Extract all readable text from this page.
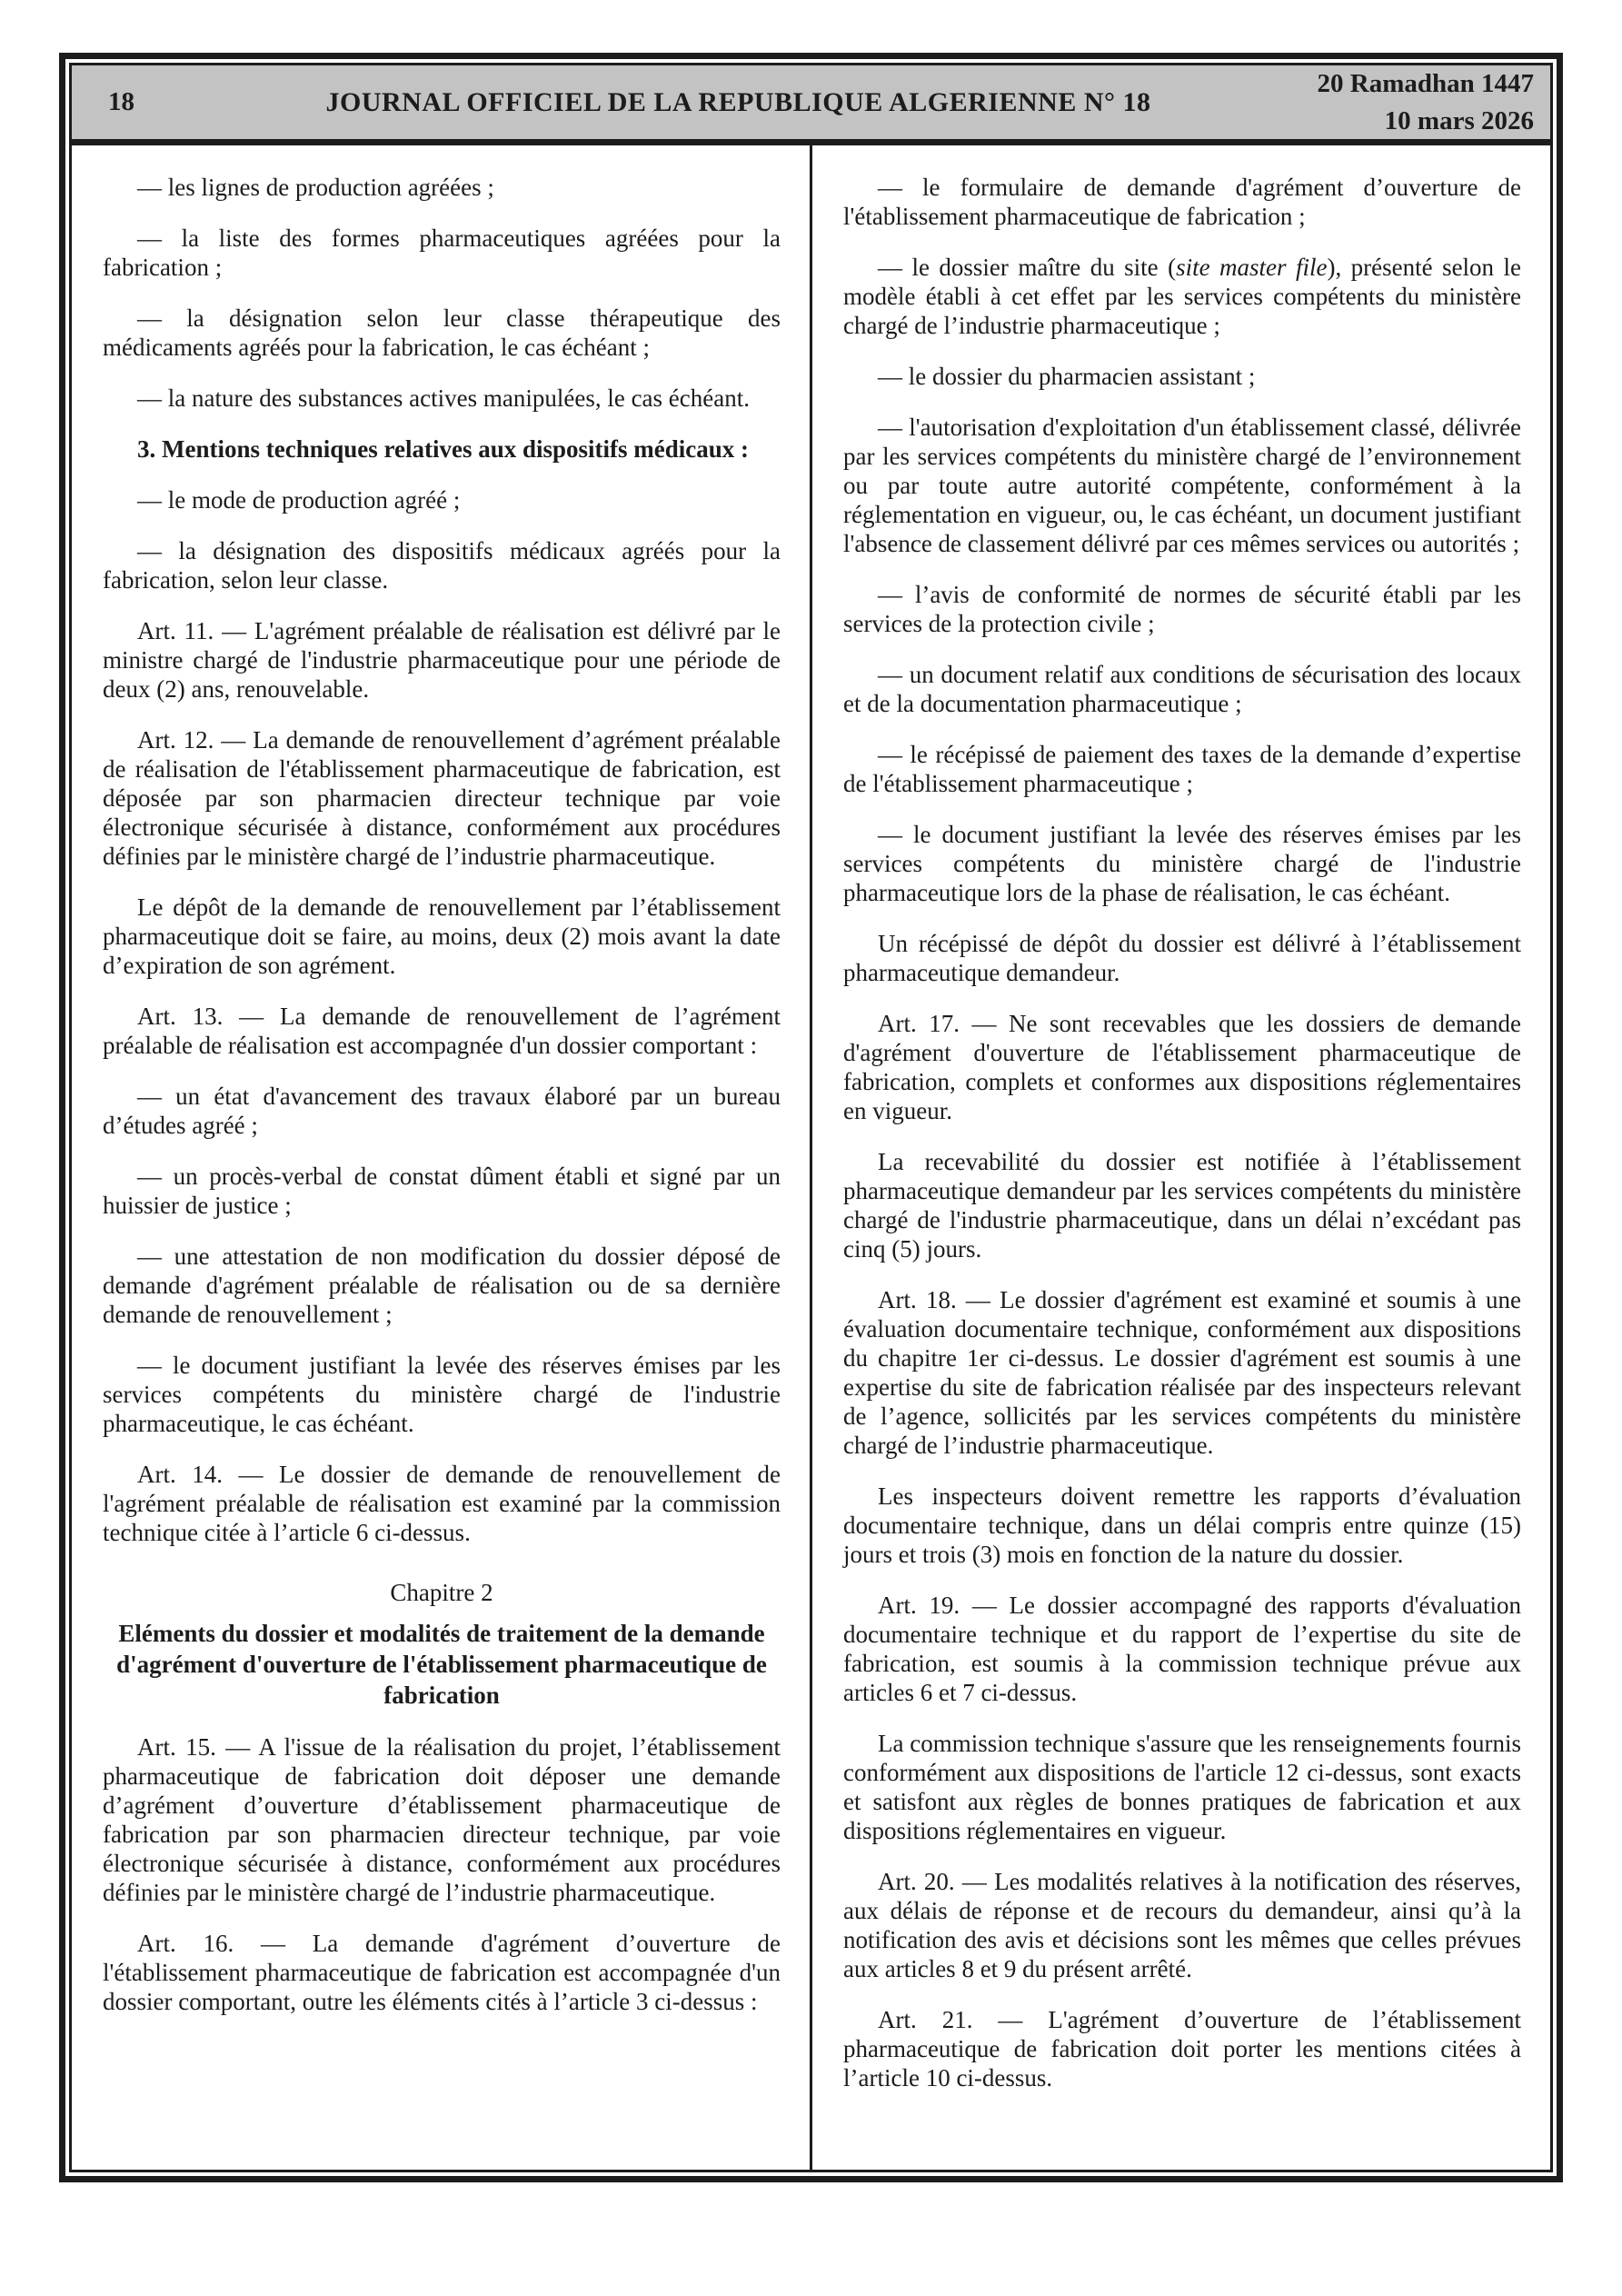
18	JOURNAL OFFICIEL DE LA REPUBLIQUE ALGERIENNE N° 18
20 Ramadhan 1447
10 mars 2026

— les lignes de production agréées ;

— la liste des formes pharmaceutiques agréées pour la fabrication ;

— la désignation selon leur classe thérapeutique des médicaments agréés pour la fabrication, le cas échéant ;

— la nature des substances actives manipulées, le cas échéant.

3. Mentions techniques relatives aux dispositifs médicaux :

— le mode de production agréé ;

— la désignation des dispositifs médicaux agréés pour la fabrication, selon leur classe.

Art. 11. — L'agrément préalable de réalisation est délivré par le ministre chargé de l'industrie pharmaceutique pour une période de deux (2) ans, renouvelable.

Art. 12. — La demande de renouvellement d’agrément préalable de réalisation de l'établissement pharmaceutique de fabrication, est déposée par son pharmacien directeur technique par voie électronique sécurisée à distance, conformément aux procédures définies par le ministère chargé de l’industrie pharmaceutique.

Le dépôt de la demande de renouvellement par l’établissement pharmaceutique doit se faire, au moins, deux (2) mois avant la date d’expiration de son agrément.

Art. 13. — La demande de renouvellement de l’agrément préalable de réalisation est accompagnée d'un dossier comportant :

— un état d'avancement des travaux élaboré par un bureau d’études agréé ;

— un procès-verbal de constat dûment établi et signé par un huissier de justice ;

— une attestation de non modification du dossier déposé de demande d'agrément préalable de réalisation ou de sa dernière demande de renouvellement ;

— le document justifiant la levée des réserves émises par les services compétents du ministère chargé de l'industrie pharmaceutique, le cas échéant.

Art. 14. — Le dossier de demande de renouvellement de l'agrément préalable de réalisation est examiné par la commission technique citée à l’article 6 ci-dessus.

Chapitre 2

Eléments du dossier et modalités de traitement de la demande d'agrément d'ouverture de l'établissement pharmaceutique de fabrication

Art. 15. — A l'issue de la réalisation du projet, l’établissement pharmaceutique de fabrication doit déposer une demande d’agrément d’ouverture d’établissement pharmaceutique de fabrication par son pharmacien directeur technique, par voie électronique sécurisée à distance, conformément aux procédures définies par le ministère chargé de l’industrie pharmaceutique.

Art. 16. — La demande d'agrément d’ouverture de l'établissement pharmaceutique de fabrication est accompagnée d'un dossier comportant, outre les éléments cités à l’article 3 ci-dessus :

— le formulaire de demande d'agrément d’ouverture de l'établissement pharmaceutique de fabrication ;

— le dossier maître du site (site master file), présenté selon le modèle établi à cet effet par les services compétents du ministère chargé de l’industrie pharmaceutique ;

— le dossier du pharmacien assistant ;

— l'autorisation d'exploitation d'un établissement classé, délivrée par les services compétents du ministère chargé de l’environnement ou par toute autre autorité compétente, conformément à la réglementation en vigueur, ou, le cas échéant, un document justifiant l'absence de classement délivré par ces mêmes services ou autorités ;

— l’avis de conformité de normes de sécurité établi par les services de la protection civile ;

— un document relatif aux conditions de sécurisation des locaux et de la documentation pharmaceutique ;

— le récépissé de paiement des taxes de la demande d’expertise de l'établissement pharmaceutique ;

— le document justifiant la levée des réserves émises par les services compétents du ministère chargé de l'industrie pharmaceutique lors de la phase de réalisation, le cas échéant.

Un récépissé de dépôt du dossier est délivré à l’établissement pharmaceutique demandeur.

Art. 17. — Ne sont recevables que les dossiers de demande d'agrément d'ouverture de l'établissement pharmaceutique de fabrication, complets et conformes aux dispositions réglementaires en vigueur.

La recevabilité du dossier est notifiée à l’établissement pharmaceutique demandeur par les services compétents du ministère chargé de l'industrie pharmaceutique, dans un délai n’excédant pas cinq (5) jours.

Art. 18. — Le dossier d'agrément est examiné et soumis à une évaluation documentaire technique, conformément aux dispositions du chapitre 1er ci-dessus. Le dossier d'agrément est soumis à une expertise du site de fabrication réalisée par des inspecteurs relevant de l’agence, sollicités par les services compétents du ministère chargé de l’industrie pharmaceutique.

Les inspecteurs doivent remettre les rapports d’évaluation documentaire technique, dans un délai compris entre quinze (15) jours et trois (3) mois en fonction de la nature du dossier.

Art. 19. — Le dossier accompagné des rapports d'évaluation documentaire technique et du rapport de l’expertise du site de fabrication, est soumis à la commission technique prévue aux articles 6 et 7 ci-dessus.

La commission technique s'assure que les renseignements fournis conformément aux dispositions de l'article 12 ci-dessus, sont exacts et satisfont aux règles de bonnes pratiques de fabrication et aux dispositions réglementaires en vigueur.

Art. 20. — Les modalités relatives à la notification des réserves, aux délais de réponse et de recours du demandeur, ainsi qu’à la notification des avis et décisions sont les mêmes que celles prévues aux articles 8 et 9 du présent arrêté.

Art. 21. — L'agrément d’ouverture de l’établissement pharmaceutique de fabrication doit porter les mentions citées à l’article 10 ci-dessus.
